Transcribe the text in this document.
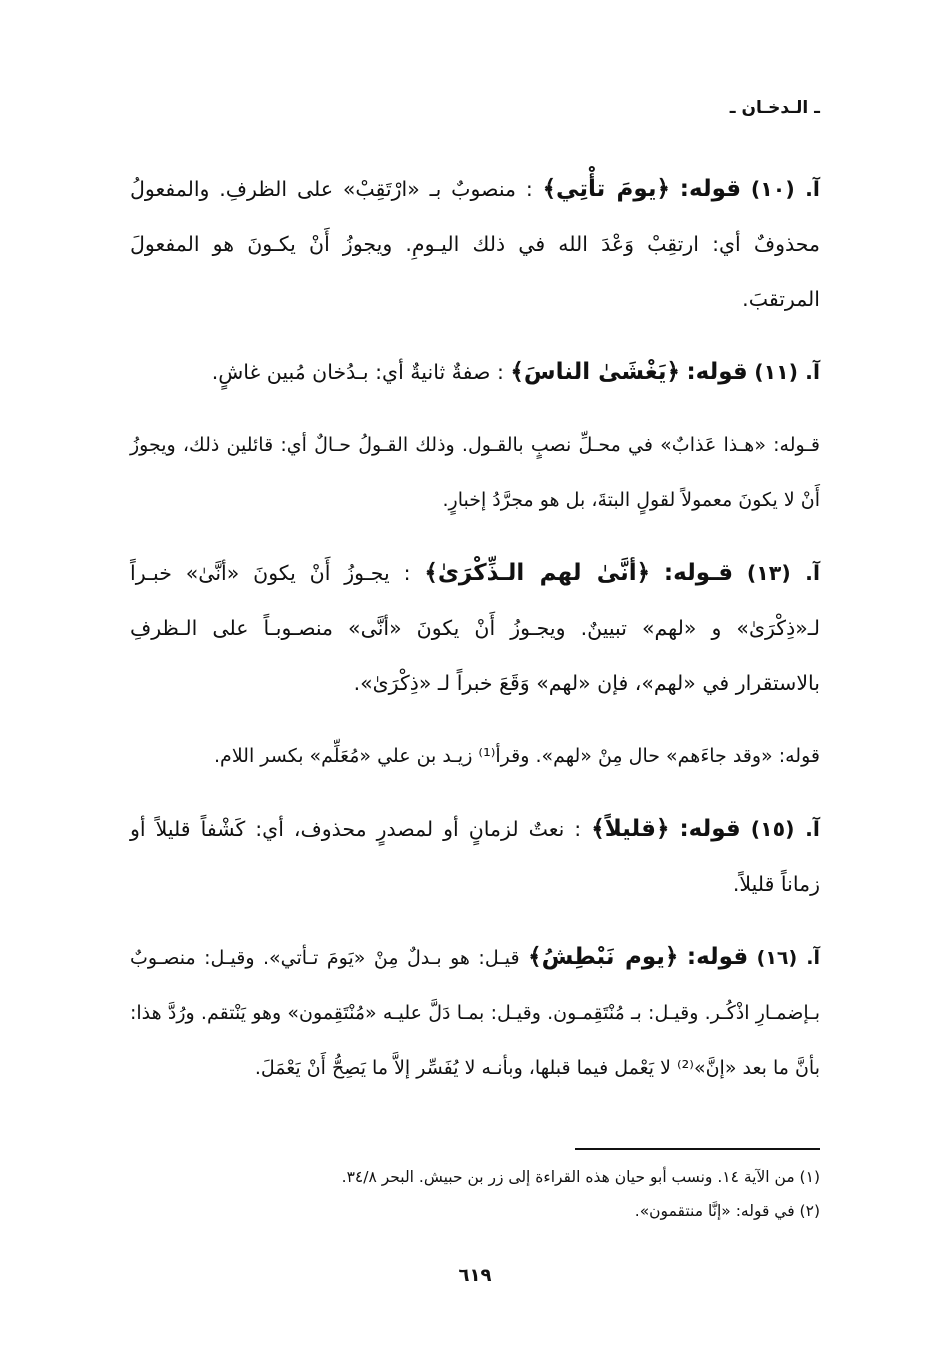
ـ الـدخـان ـ

آ. (١٠) قوله: ﴿يومَ تأْتِي﴾ : منصوبٌ بـ «ارْتَقِبْ» على الظرفِ. والمفعولُ محذوفٌ أي: ارتقِبْ وَعْدَ الله في ذلك اليـومِ. ويجوزُ أَنْ يكـونَ هو المفعولَ المرتقبَ.

آ. (١١) قوله: ﴿يَغْشَىٰ الناسَ﴾ : صفةٌ ثانيةٌ أي: بـدُخان مُبين غاشٍ.

قـوله: «هـذا عَذابٌ» في محـلِّ نصبٍ بالقـول. وذلك القـولُ حـالٌ أي: قائلين ذلك، ويجوزُ أَنْ لا يكونَ معمولاً لقولٍ البتةَ، بل هو مجرَّدُ إخبارٍ.

آ. (١٣) قـوله: ﴿أنَّىٰ لهم الـذِّكْرَىٰ﴾ : يجـوزُ أَنْ يكونَ «أنَّىٰ» خبـراً لـ«ذِكْرَىٰ» و «لهم» تبيينٌ. ويجـوزُ أَنْ يكونَ «أنَّى» منصـوبـاً على الـظرفِ بالاستقرار في «لهم»، فإن «لهم» وَقَعَ خبراً لـ «ذِكْرَىٰ».

قوله: «وقد جاءَهم» حال مِنْ «لهم». وقرأ⁽¹⁾ زيـد بن علي «مُعَلِّم» بكسر اللام.

آ. (١٥) قوله: ﴿قليلاً﴾ : نعتٌ لزمانٍ أو لمصدرٍ محذوف، أي: كَشْفاً قليلاً أو زماناً قليلاً.

آ. (١٦) قوله: ﴿يوم نَبْطِشُ﴾ قيـل: هو بـدلٌ مِنْ «يَومَ تـأتي». وقيـل: منصـوبٌ بـإضمـارِ اذْكُـر. وقيـل: بـ مُنْتَقِمـون. وقيـل: بمـا دَلَّ عليـه «مُنْتَقِمون» وهو يَنْتقم. ورُدَّ هذا: بأنَّ ما بعد «إنَّ»⁽²⁾ لا يَعْمل فيما قبلها، وبأنـه لا يُفَسِّر إلاَّ ما يَصِحُّ أَنْ يَعْمَلَ.

(١) من الآية ١٤. ونسب أبو حيان هذه القراءة إلى زر بن حبيش. البحر ٣٤/٨.

(٢) في قوله: «إنَّا منتقمون».

٦١٩
